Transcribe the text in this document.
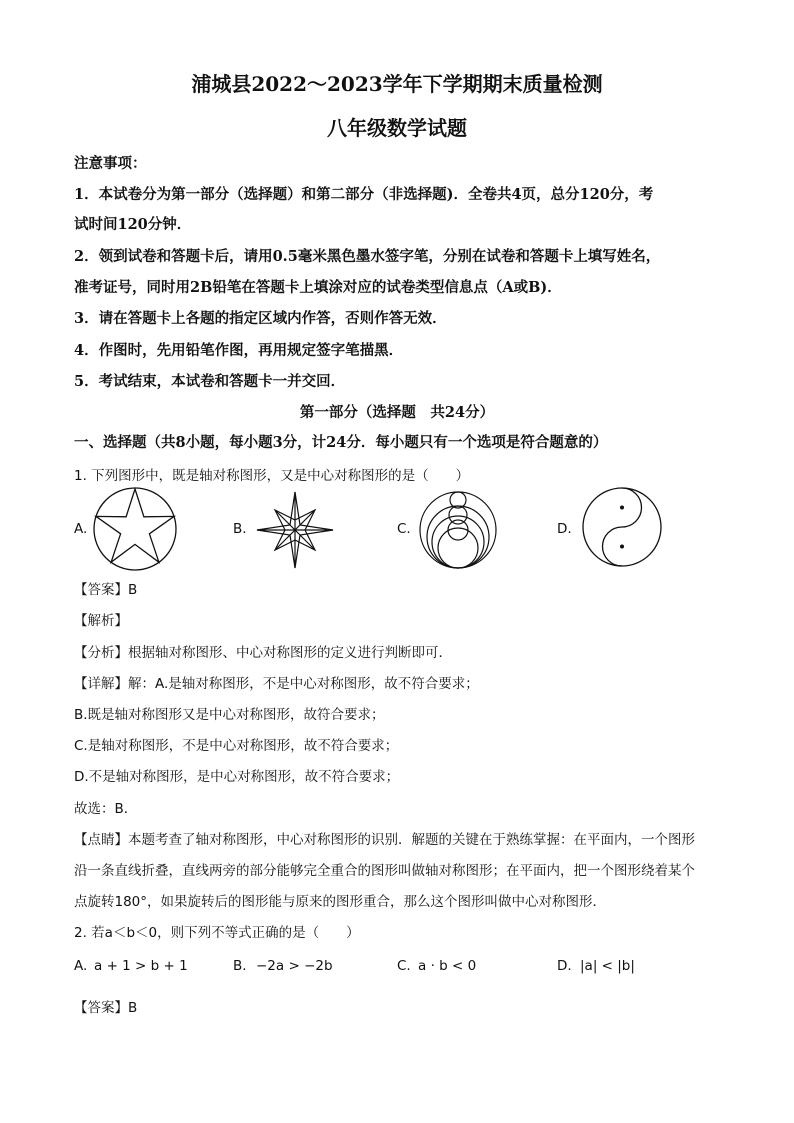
浦城县2022～2023学年下学期期末质量检测
八年级数学试题
注意事项：
1．本试卷分为第一部分（选择题）和第二部分（非选择题)．全卷共4页，总分120分，考
试时间120分钟．
2．领到试卷和答题卡后，请用0.5毫米黑色墨水签字笔，分别在试卷和答题卡上填写姓名，
准考证号，同时用2B铅笔在答题卡上填涂对应的试卷类型信息点（A或B)．
3．请在答题卡上各题的指定区域内作答，否则作答无效．
4．作图时，先用铅笔作图，再用规定签字笔描黑．
5．考试结束，本试卷和答题卡一并交回．
第一部分（选择题　共24分）
一、选择题（共8小题，每小题3分，计24分．每小题只有一个选项是符合题意的）
1. 下列图形中，既是轴对称图形，又是中心对称图形的是（　　）
A.	B.	C.	D.
【答案】B
【解析】
【分析】根据轴对称图形、中心对称图形的定义进行判断即可．
【详解】解：A.是轴对称图形，不是中心对称图形，故不符合要求；
B.既是轴对称图形又是中心对称图形，故符合要求；
C.是轴对称图形，不是中心对称图形，故不符合要求；
D.不是轴对称图形，是中心对称图形，故不符合要求；
故选：B．
【点睛】本题考查了轴对称图形，中心对称图形的识别．解题的关键在于熟练掌握：在平面内，一个图形
沿一条直线折叠，直线两旁的部分能够完全重合的图形叫做轴对称图形；在平面内，把一个图形绕着某个
点旋转180°，如果旋转后的图形能与原来的图形重合，那么这个图形叫做中心对称图形．
2. 若a＜b＜0，则下列不等式正确的是（　　）
A. a + 1 > b + 1	B. −2a > −2b	C. a · b < 0	D. |a| < |b|
【答案】B
